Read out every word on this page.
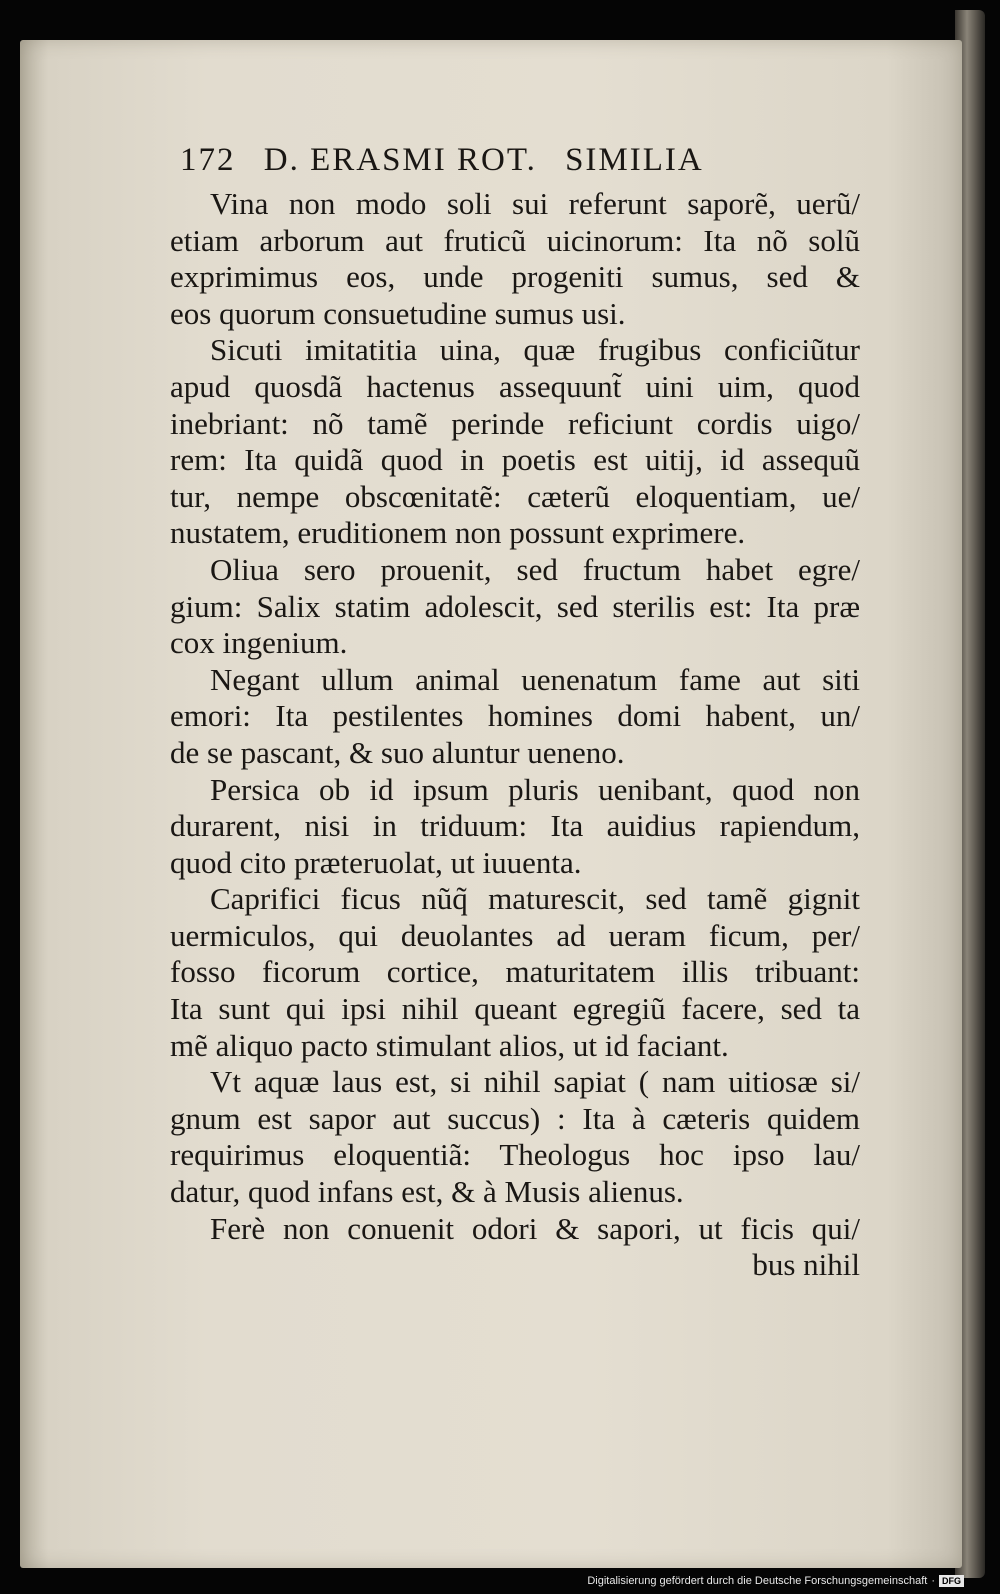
172 D. ERASMI ROT. SIMILIA
Vina non modo soli sui referunt saporẽ, uerũ/
etiam arborum aut fruticũ uicinorum: Ita nõ solũ
exprimimus eos, unde progeniti sumus, sed &
eos quorum consuetudine sumus usi.
Sicuti imitatitia uina, quæ frugibus conficiũtur
apud quosdã hactenus assequunt̃ uini uim, quod
inebriant: nõ tamẽ perinde reficiunt cordis uigo/
rem: Ita quidã quod in poetis est uitij, id assequũ
tur, nempe obscœnitatẽ: cæterũ eloquentiam, ue/
nustatem, eruditionem non possunt exprimere.
Oliua sero prouenit, sed fructum habet egre/
gium: Salix statim adolescit, sed sterilis est: Ita præ
cox ingenium.
Negant ullum animal uenenatum fame aut siti
emori: Ita pestilentes homines domi habent, un/
de se pascant, & suo aluntur ueneno.
Persica ob id ipsum pluris uenibant, quod non
durarent, nisi in triduum: Ita auidius rapiendum,
quod cito præteruolat, ut iuuenta.
Caprifici ficus nũq̃ maturescit, sed tamẽ gignit
uermiculos, qui deuolantes ad ueram ficum, per/
fosso ficorum cortice, maturitatem illis tribuant:
Ita sunt qui ipsi nihil queant egregiũ facere, sed ta
mẽ aliquo pacto stimulant alios, ut id faciant.
Vt aquæ laus est, si nihil sapiat ( nam uitiosæ si/
gnum est sapor aut succus) : Ita à cæteris quidem
requirimus eloquentiã: Theologus hoc ipso lau/
datur, quod infans est, & à Musis alienus.
Ferè non conuenit odori & sapori, ut ficis qui/
bus nihil
Digitalisierung gefördert durch die Deutsche Forschungsgemeinschaft · DFG
